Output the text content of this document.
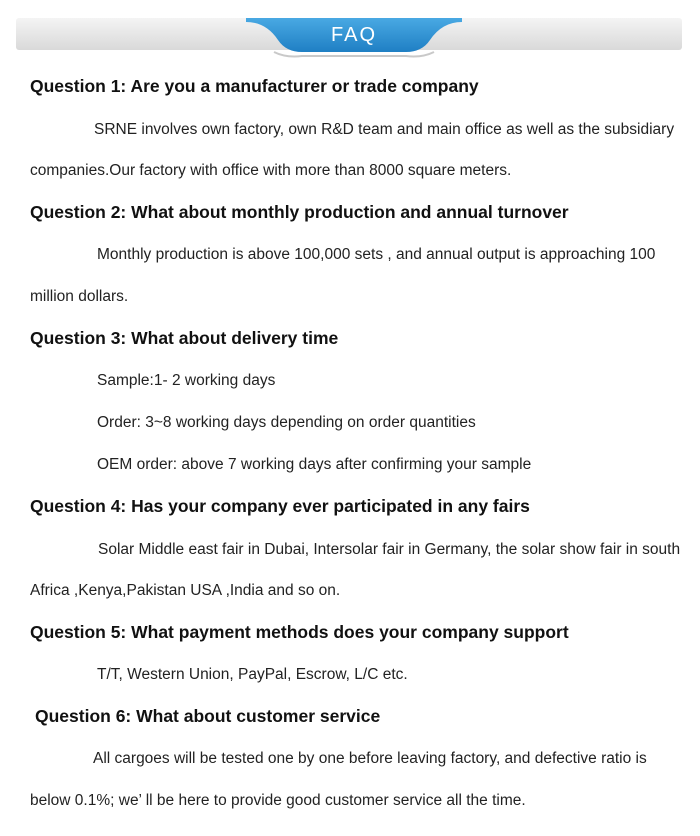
FAQ
Question 1: Are you a manufacturer or trade company
SRNE involves own factory, own R&D team and main office as well as the subsidiary
companies.Our factory with office with more than 8000 square meters.
Question 2: What about monthly production and annual turnover
Monthly production is above 100,000 sets , and annual output is approaching 100
million dollars.
Question 3: What about delivery time
Sample:1- 2 working days
Order: 3~8 working days depending on order quantities
OEM order: above 7 working days after confirming your sample
Question 4: Has your company ever participated in any fairs
Solar Middle east fair in Dubai, Intersolar fair in Germany, the solar show fair in south
Africa ,Kenya,Pakistan USA ,India and so on.
Question 5: What payment methods does your company support
T/T, Western Union, PayPal, Escrow, L/C etc.
Question 6: What about customer service
All cargoes will be tested one by one before leaving factory, and defective ratio is
below 0.1%; we’ ll be here to provide good customer service all the time.
